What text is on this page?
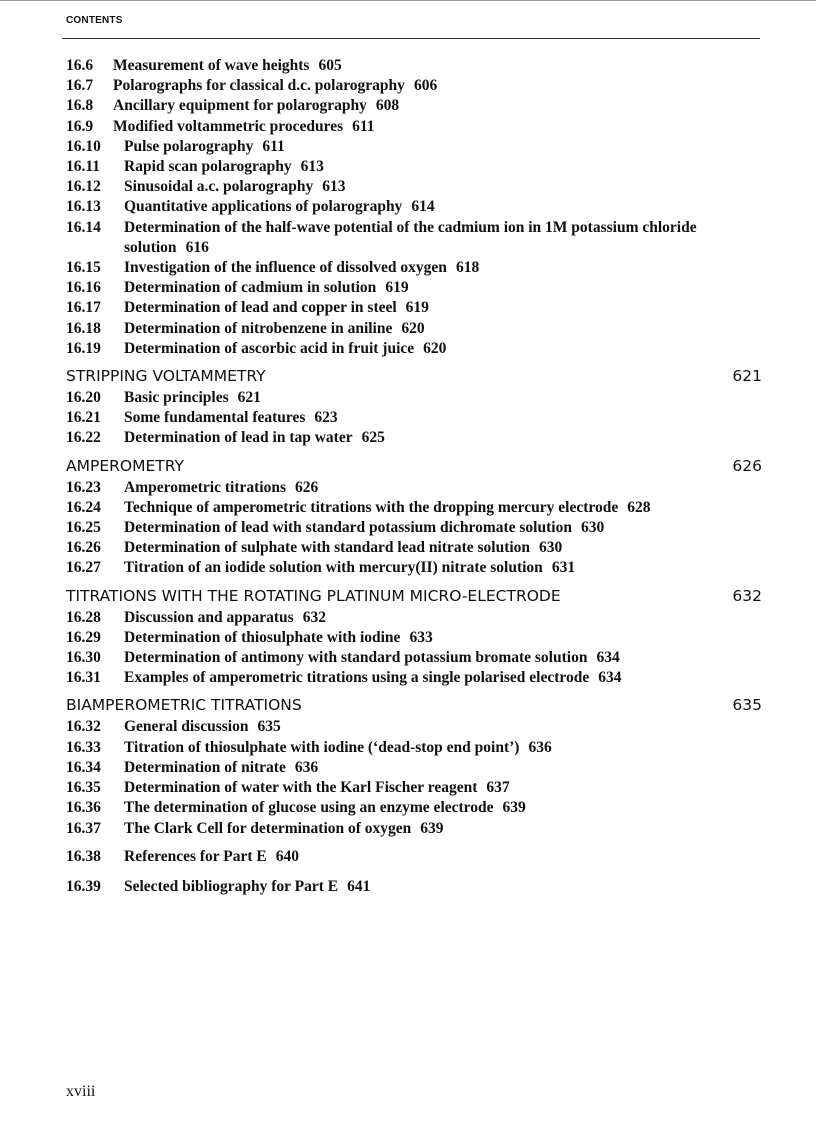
CONTENTS
16.6	Measurement of wave heights 605
16.7	Polarographs for classical d.c. polarography 606
16.8	Ancillary equipment for polarography 608
16.9	Modified voltammetric procedures 611
16.10	Pulse polarography 611
16.11	Rapid scan polarography 613
16.12	Sinusoidal a.c. polarography 613
16.13	Quantitative applications of polarography 614
16.14	Determination of the half-wave potential of the cadmium ion in 1M potassium chloride solution 616
16.15	Investigation of the influence of dissolved oxygen 618
16.16	Determination of cadmium in solution 619
16.17	Determination of lead and copper in steel 619
16.18	Determination of nitrobenzene in aniline 620
16.19	Determination of ascorbic acid in fruit juice 620
STRIPPING VOLTAMMETRY	621
16.20	Basic principles 621
16.21	Some fundamental features 623
16.22	Determination of lead in tap water 625
AMPEROMETRY	626
16.23	Amperometric titrations 626
16.24	Technique of amperometric titrations with the dropping mercury electrode 628
16.25	Determination of lead with standard potassium dichromate solution 630
16.26	Determination of sulphate with standard lead nitrate solution 630
16.27	Titration of an iodide solution with mercury(II) nitrate solution 631
TITRATIONS WITH THE ROTATING PLATINUM MICRO-ELECTRODE	632
16.28	Discussion and apparatus 632
16.29	Determination of thiosulphate with iodine 633
16.30	Determination of antimony with standard potassium bromate solution 634
16.31	Examples of amperometric titrations using a single polarised electrode 634
BIAMPEROMETRIC TITRATIONS	635
16.32	General discussion 635
16.33	Titration of thiosulphate with iodine (‘dead-stop end point’) 636
16.34	Determination of nitrate 636
16.35	Determination of water with the Karl Fischer reagent 637
16.36	The determination of glucose using an enzyme electrode 639
16.37	The Clark Cell for determination of oxygen 639
16.38	References for Part E 640
16.39	Selected bibliography for Part E 641
xviii
